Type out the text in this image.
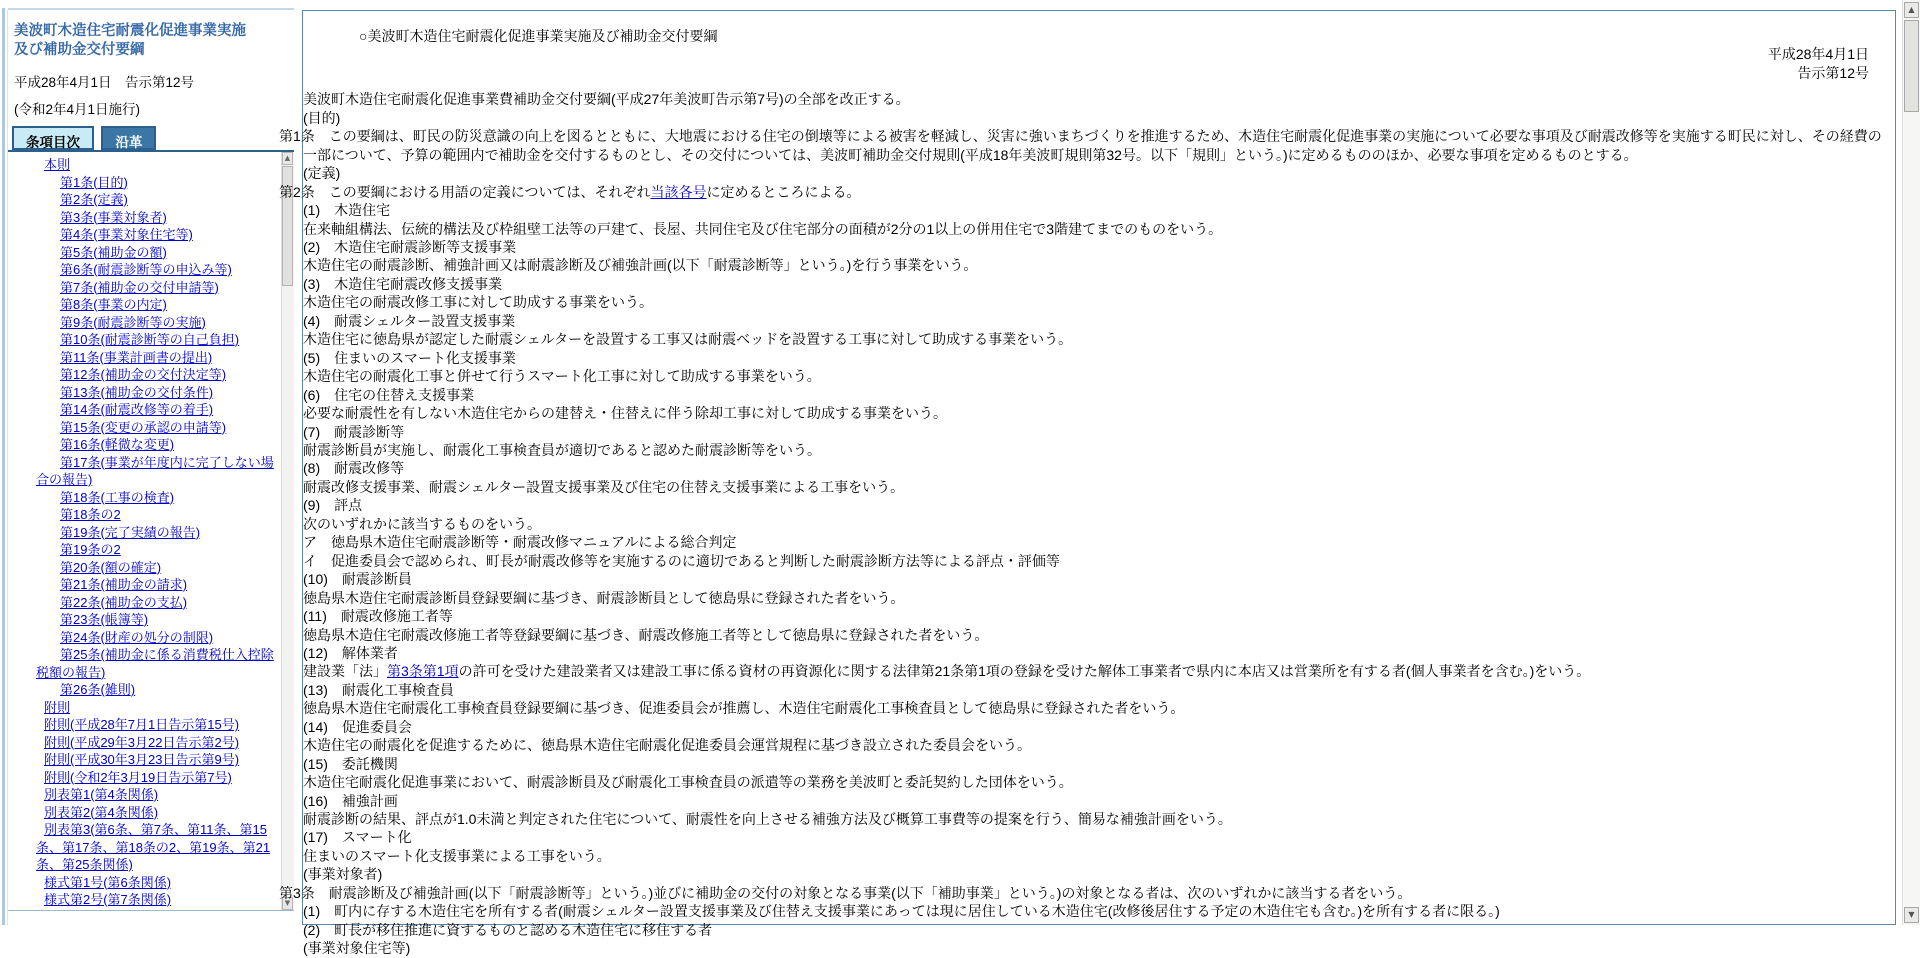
美波町木造住宅耐震化促進事業実施及び補助金交付要綱

平成28年4月1日　告示第12号

(令和2年4月1日施行)

条項目次	沿革
本則
第1条(目的)
第2条(定義)
第3条(事業対象者)
第4条(事業対象住宅等)
第5条(補助金の額)
第6条(耐震診断等の申込み等)
第7条(補助金の交付申請等)
第8条(事業の内定)
第9条(耐震診断等の実施)
第10条(耐震診断等の自己負担)
第11条(事業計画書の提出)
第12条(補助金の交付決定等)
第13条(補助金の交付条件)
第14条(耐震改修等の着手)
第15条(変更の承認の申請等)
第16条(軽微な変更)
第17条(事業が年度内に完了しない場合の報告)
第18条(工事の検査)
第18条の2
第19条(完了実績の報告)
第19条の2
第20条(額の確定)
第21条(補助金の請求)
第22条(補助金の支払)
第23条(帳簿等)
第24条(財産の処分の制限)
第25条(補助金に係る消費税仕入控除税額の報告)
第26条(雑則)
附則
附則(平成28年7月1日告示第15号)
附則(平成29年3月22日告示第2号)
附則(平成30年3月23日告示第9号)
附則(令和2年3月19日告示第7号)
別表第1(第4条関係)
別表第2(第4条関係)
別表第3(第6条、第7条、第11条、第15条、第17条、第18条の2、第19条、第21条、第25条関係)
様式第1号(第6条関係)
様式第2号(第7条関係)
▲
▼

○美波町木造住宅耐震化促進事業実施及び補助金交付要綱

平成28年4月1日

告示第12号

美波町木造住宅耐震化促進事業費補助金交付要綱(平成27年美波町告示第7号)の全部を改正する。

(目的)

第1条　この要綱は、町民の防災意識の向上を図るとともに、大地震における住宅の倒壊等による被害を軽減し、災害に強いまちづくりを推進するため、木造住宅耐震化促進事業の実施について必要な事項及び耐震改修等を実施する町民に対し、その経費の一部について、予算の範囲内で補助金を交付するものとし、その交付については、美波町補助金交付規則(平成18年美波町規則第32号。以下「規則」という。)に定めるもののほか、必要な事項を定めるものとする。

(定義)

第2条　この要綱における用語の定義については、それぞれ当該各号に定めるところによる。

(1)　木造住宅

在来軸組構法、伝統的構法及び枠組壁工法等の戸建て、長屋、共同住宅及び住宅部分の面積が2分の1以上の併用住宅で3階建てまでのものをいう。

(2)　木造住宅耐震診断等支援事業

木造住宅の耐震診断、補強計画又は耐震診断及び補強計画(以下「耐震診断等」という。)を行う事業をいう。

(3)　木造住宅耐震改修支援事業

木造住宅の耐震改修工事に対して助成する事業をいう。

(4)　耐震シェルター設置支援事業

木造住宅に徳島県が認定した耐震シェルターを設置する工事又は耐震ベッドを設置する工事に対して助成する事業をいう。

(5)　住まいのスマート化支援事業

木造住宅の耐震化工事と併せて行うスマート化工事に対して助成する事業をいう。

(6)　住宅の住替え支援事業

必要な耐震性を有しない木造住宅からの建替え・住替えに伴う除却工事に対して助成する事業をいう。

(7)　耐震診断等

耐震診断員が実施し、耐震化工事検査員が適切であると認めた耐震診断等をいう。

(8)　耐震改修等

耐震改修支援事業、耐震シェルター設置支援事業及び住宅の住替え支援事業による工事をいう。

(9)　評点

次のいずれかに該当するものをいう。

ア　徳島県木造住宅耐震診断等・耐震改修マニュアルによる総合判定

イ　促進委員会で認められ、町長が耐震改修等を実施するのに適切であると判断した耐震診断方法等による評点・評価等

(10)　耐震診断員

徳島県木造住宅耐震診断員登録要綱に基づき、耐震診断員として徳島県に登録された者をいう。

(11)　耐震改修施工者等

徳島県木造住宅耐震改修施工者等登録要綱に基づき、耐震改修施工者等として徳島県に登録された者をいう。

(12)　解体業者

建設業「法」第3条第1項の許可を受けた建設業者又は建設工事に係る資材の再資源化に関する法律第21条第1項の登録を受けた解体工事業者で県内に本店又は営業所を有する者(個人事業者を含む。)をいう。

(13)　耐震化工事検査員

徳島県木造住宅耐震化工事検査員登録要綱に基づき、促進委員会が推薦し、木造住宅耐震化工事検査員として徳島県に登録された者をいう。

(14)　促進委員会

木造住宅の耐震化を促進するために、徳島県木造住宅耐震化促進委員会運営規程に基づき設立された委員会をいう。

(15)　委託機関

木造住宅耐震化促進事業において、耐震診断員及び耐震化工事検査員の派遣等の業務を美波町と委託契約した団体をいう。

(16)　補強計画

耐震診断の結果、評点が1.0未満と判定された住宅について、耐震性を向上させる補強方法及び概算工事費等の提案を行う、簡易な補強計画をいう。

(17)　スマート化

住まいのスマート化支援事業による工事をいう。

(事業対象者)

第3条　耐震診断及び補強計画(以下「耐震診断等」という。)並びに補助金の交付の対象となる事業(以下「補助事業」という。)の対象となる者は、次のいずれかに該当する者をいう。

(1)　町内に存する木造住宅を所有する者(耐震シェルター設置支援事業及び住替え支援事業にあっては現に居住している木造住宅(改修後居住する予定の木造住宅も含む。)を所有する者に限る。)

(2)　町長が移住推進に資するものと認める木造住宅に移住する者

(事業対象住宅等)

▲
▼
